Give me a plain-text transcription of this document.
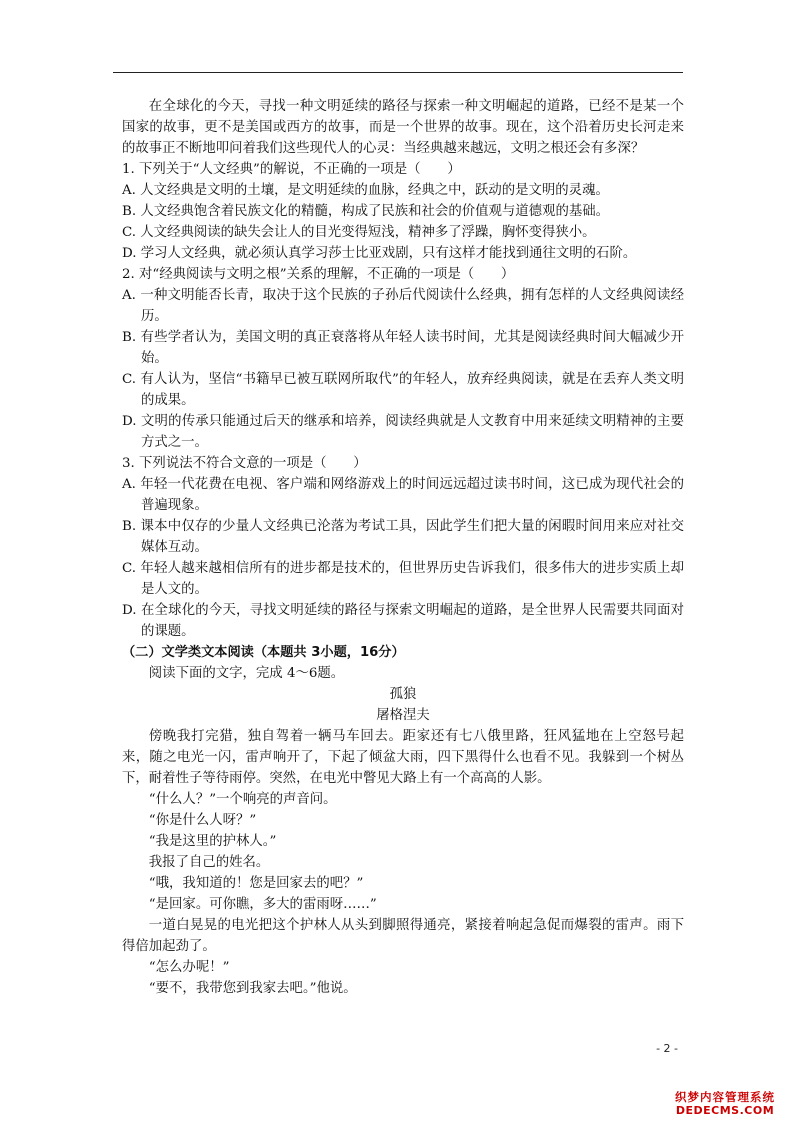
在全球化的今天，寻找一种文明延续的路径与探索一种文明崛起的道路，已经不是某一个国家的故事，更不是美国或西方的故事，而是一个世界的故事。现在，这个沿着历史长河走来的故事正不断地叩问着我们这些现代人的心灵：当经典越来越远，文明之根还会有多深？

1. 下列关于“人文经典”的解说，不正确的一项是（　　）

A. 人文经典是文明的土壤，是文明延续的血脉，经典之中，跃动的是文明的灵魂。

B. 人文经典饱含着民族文化的精髓，构成了民族和社会的价值观与道德观的基础。

C. 人文经典阅读的缺失会让人的目光变得短浅，精神多了浮躁，胸怀变得狭小。

D. 学习人文经典，就必须认真学习莎士比亚戏剧，只有这样才能找到通往文明的石阶。

2. 对“经典阅读与文明之根”关系的理解，不正确的一项是（　　）

A. 一种文明能否长青，取决于这个民族的子孙后代阅读什么经典，拥有怎样的人文经典阅读经历。

B. 有些学者认为，美国文明的真正衰落将从年轻人读书时间，尤其是阅读经典时间大幅减少开始。

C. 有人认为，坚信“书籍早已被互联网所取代”的年轻人，放弃经典阅读，就是在丢弃人类文明的成果。

D. 文明的传承只能通过后天的继承和培养，阅读经典就是人文教育中用来延续文明精神的主要方式之一。

3. 下列说法不符合文意的一项是（　　）

A. 年轻一代花费在电视、客户端和网络游戏上的时间远远超过读书时间，这已成为现代社会的普遍现象。

B. 课本中仅存的少量人文经典已沦落为考试工具，因此学生们把大量的闲暇时间用来应对社交媒体互动。

C. 年轻人越来越相信所有的进步都是技术的，但世界历史告诉我们，很多伟大的进步实质上却是人文的。

D. 在全球化的今天，寻找文明延续的路径与探索文明崛起的道路，是全世界人民需要共同面对的课题。

（二）文学类文本阅读（本题共 3小题，16分）

阅读下面的文字，完成 4～6题。

孤狼

屠格涅夫

傍晚我打完猎，独自驾着一辆马车回去。距家还有七八俄里路，狂风猛地在上空怒号起来，随之电光一闪，雷声响开了，下起了倾盆大雨，四下黑得什么也看不见。我躲到一个树丛下，耐着性子等待雨停。突然，在电光中瞥见大路上有一个高高的人影。

“什么人？”一个响亮的声音问。

“你是什么人呀？”

“我是这里的护林人。”

我报了自己的姓名。

“哦，我知道的！您是回家去的吧？”

“是回家。可你瞧，多大的雷雨呀……”

一道白晃晃的电光把这个护林人从头到脚照得通亮，紧接着响起急促而爆裂的雷声。雨下得倍加起劲了。

“怎么办呢！”

“要不，我带您到我家去吧。”他说。

- 2 -
织梦内容管理系统
DEDECMS.COM
